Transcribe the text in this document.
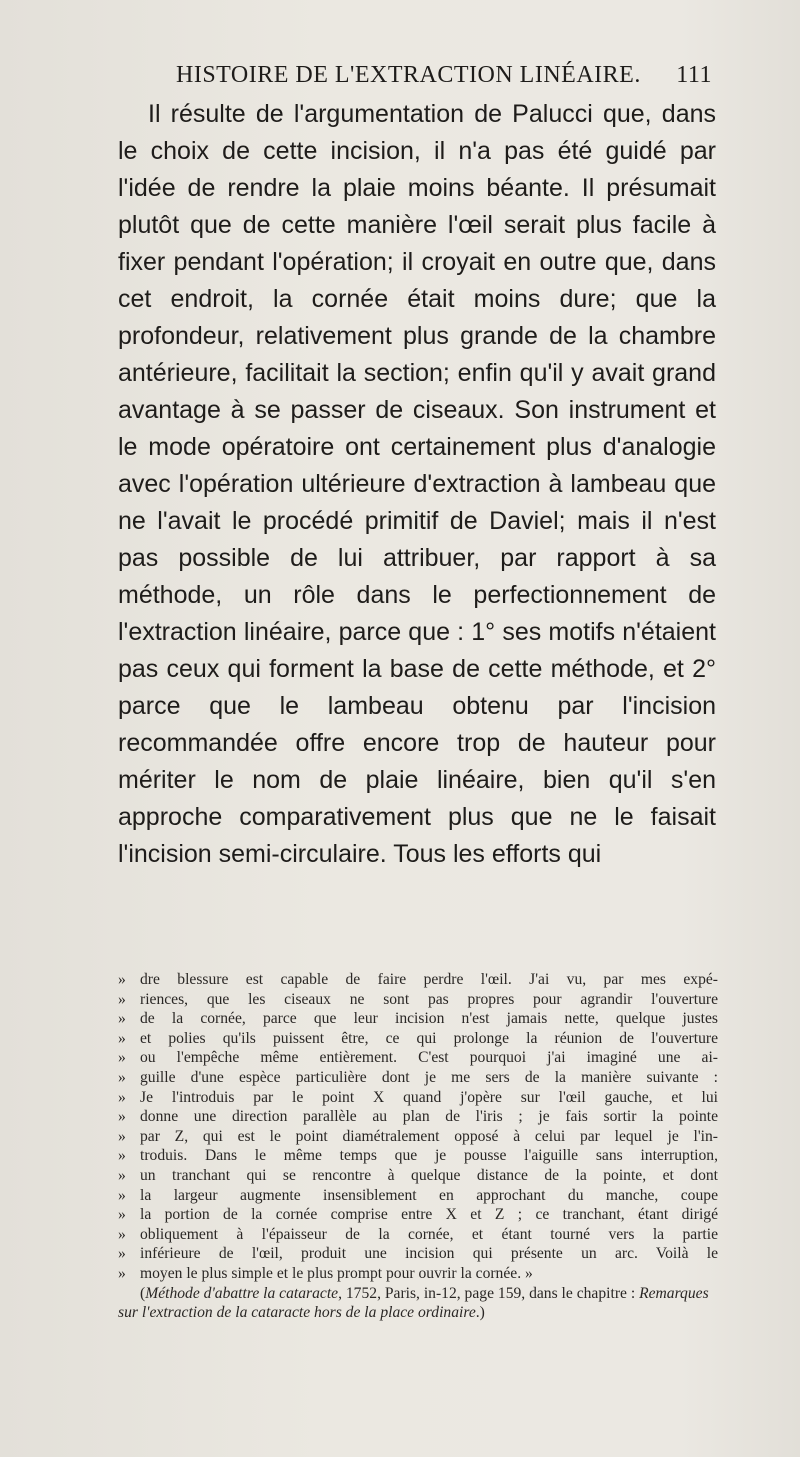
HISTOIRE DE L'EXTRACTION LINÉAIRE. 111

Il résulte de l'argumentation de Palucci que, dans le choix de cette incision, il n'a pas été guidé par l'idée de rendre la plaie moins béante. Il présumait plutôt que de cette manière l'œil serait plus facile à fixer pendant l'opération; il croyait en outre que, dans cet endroit, la cornée était moins dure; que la profondeur, relativement plus grande de la chambre antérieure, facilitait la section; enfin qu'il y avait grand avantage à se passer de ciseaux. Son instrument et le mode opératoire ont certainement plus d'analogie avec l'opération ultérieure d'extraction à lambeau que ne l'avait le procédé primitif de Daviel; mais il n'est pas possible de lui attribuer, par rapport à sa méthode, un rôle dans le perfectionnement de l'extraction linéaire, parce que : 1° ses motifs n'étaient pas ceux qui forment la base de cette méthode, et 2° parce que le lambeau obtenu par l'incision recommandée offre encore trop de hauteur pour mériter le nom de plaie linéaire, bien qu'il s'en approche comparativement plus que ne le faisait l'incision semi-circulaire. Tous les efforts qui

» dre blessure est capable de faire perdre l'œil. J'ai vu, par mes expé-
» riences, que les ciseaux ne sont pas propres pour agrandir l'ouverture
» de la cornée, parce que leur incision n'est jamais nette, quelque justes
» et polies qu'ils puissent être, ce qui prolonge la réunion de l'ouverture
» ou l'empêche même entièrement. C'est pourquoi j'ai imaginé une ai-
» guille d'une espèce particulière dont je me sers de la manière suivante :
» Je l'introduis par le point X quand j'opère sur l'œil gauche, et lui
» donne une direction parallèle au plan de l'iris ; je fais sortir la pointe
» par Z, qui est le point diamétralement opposé à celui par lequel je l'in-
» troduis. Dans le même temps que je pousse l'aiguille sans interruption,
» un tranchant qui se rencontre à quelque distance de la pointe, et dont
» la largeur augmente insensiblement en approchant du manche, coupe
» la portion de la cornée comprise entre X et Z ; ce tranchant, étant dirigé
» obliquement à l'épaisseur de la cornée, et étant tourné vers la partie
» inférieure de l'œil, produit une incision qui présente un arc. Voilà le
» moyen le plus simple et le plus prompt pour ouvrir la cornée. »
(Méthode d'abattre la cataracte, 1752, Paris, in-12, page 159, dans le chapitre : Remarques sur l'extraction de la cataracte hors de la place ordinaire.)
